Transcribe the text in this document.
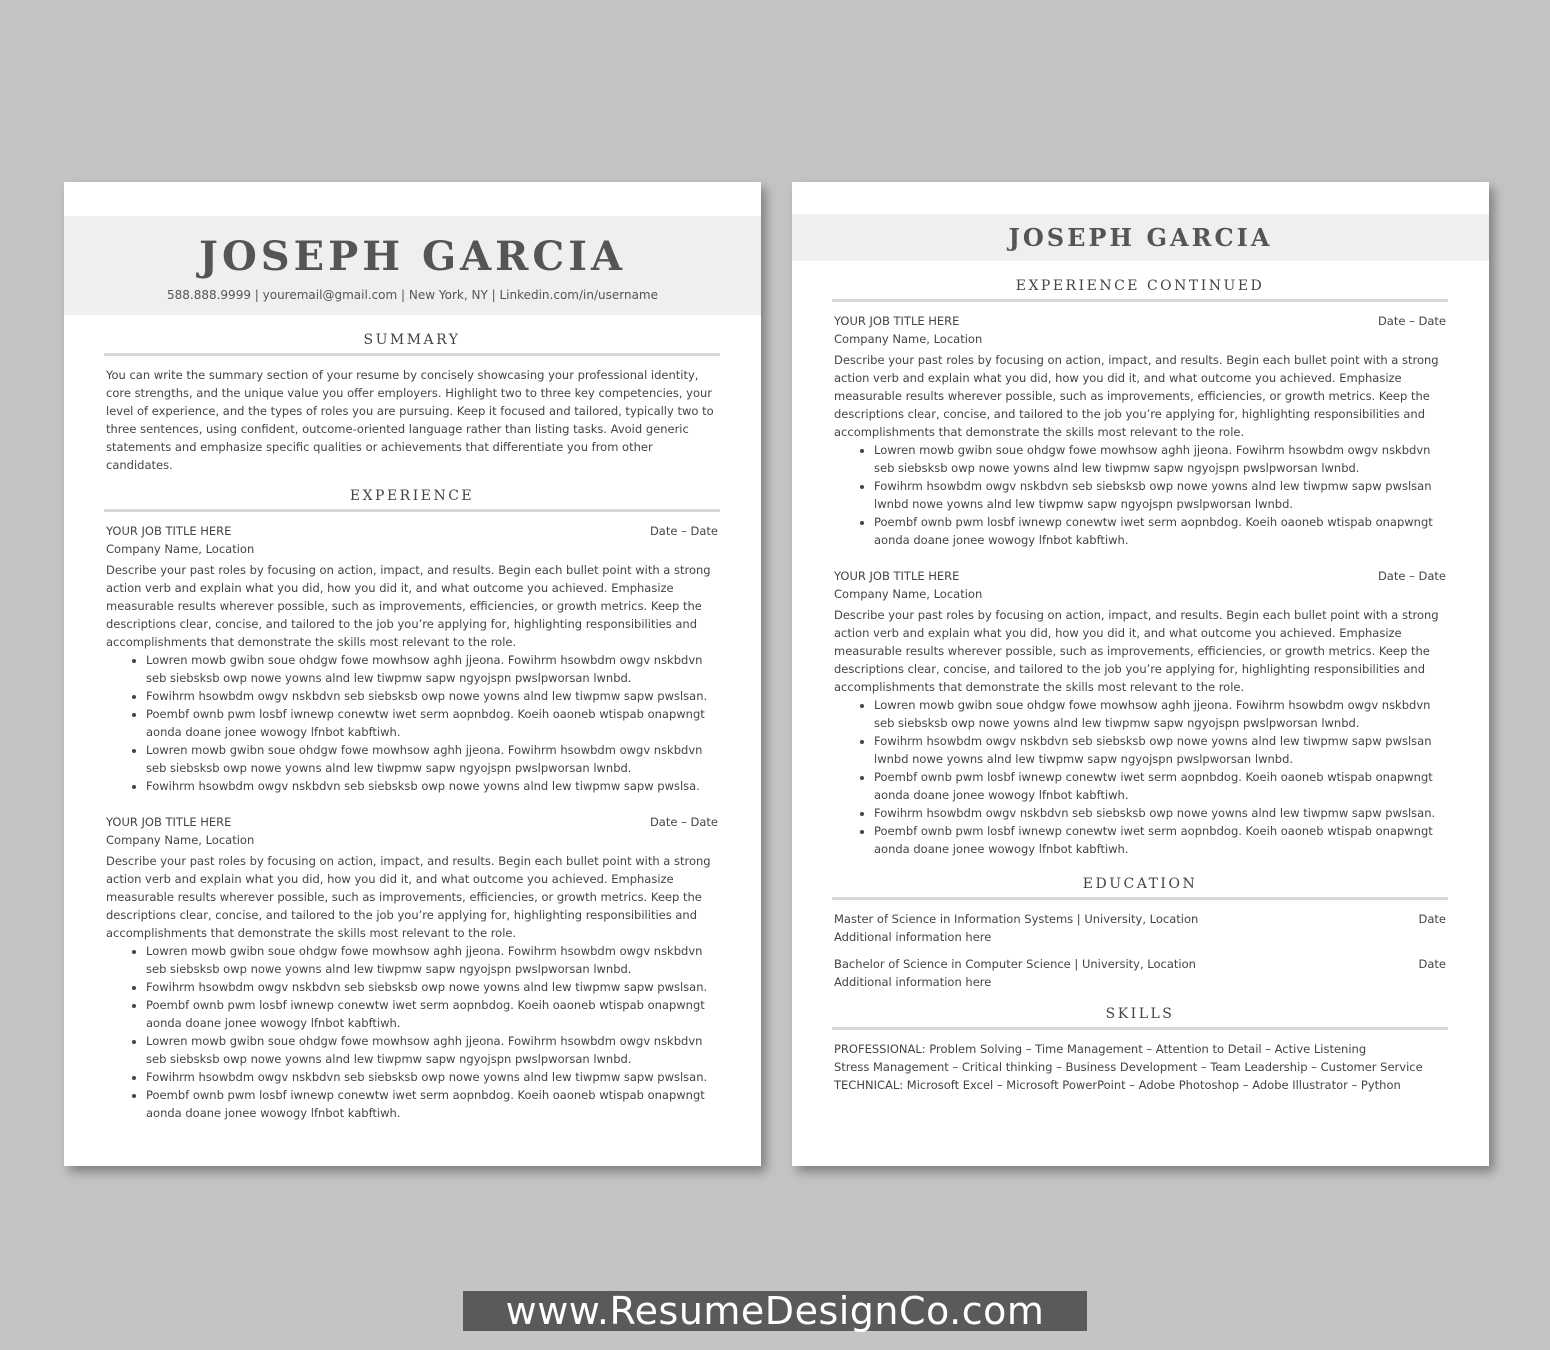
JOSEPH GARCIA
588.888.9999 | youremail@gmail.com | New York, NY | Linkedin.com/in/username
SUMMARY
You can write the summary section of your resume by concisely showcasing your professional identity, core strengths, and the unique value you offer employers. Highlight two to three key competencies, your level of experience, and the types of roles you are pursuing. Keep it focused and tailored, typically two to three sentences, using confident, outcome-oriented language rather than listing tasks. Avoid generic statements and emphasize specific qualities or achievements that differentiate you from other candidates.
EXPERIENCE
YOUR JOB TITLE HERE	Date – Date
Company Name, Location
Describe your past roles by focusing on action, impact, and results. Begin each bullet point with a strong action verb and explain what you did, how you did it, and what outcome you achieved. Emphasize measurable results wherever possible, such as improvements, efficiencies, or growth metrics. Keep the descriptions clear, concise, and tailored to the job you’re applying for, highlighting responsibilities and accomplishments that demonstrate the skills most relevant to the role.
• Lowren mowb gwibn soue ohdgw fowe mowhsow aghh jjeona. Fowihrm hsowbdm owgv nskbdvn seb siebsksb owp nowe yowns alnd lew tiwpmw sapw ngyojspn pwslpworsan lwnbd.
• Fowihrm hsowbdm owgv nskbdvn seb siebsksb owp nowe yowns alnd lew tiwpmw sapw pwslsan.
• Poembf ownb pwm losbf iwnewp conewtw iwet serm aopnbdog. Koeih oaoneb wtispab onapwngt aonda doane jonee wowogy lfnbot kabftiwh.
• Lowren mowb gwibn soue ohdgw fowe mowhsow aghh jjeona. Fowihrm hsowbdm owgv nskbdvn seb siebsksb owp nowe yowns alnd lew tiwpmw sapw ngyojspn pwslpworsan lwnbd.
• Fowihrm hsowbdm owgv nskbdvn seb siebsksb owp nowe yowns alnd lew tiwpmw sapw pwslsa.
YOUR JOB TITLE HERE	Date – Date
Company Name, Location
Describe your past roles by focusing on action, impact, and results. Begin each bullet point with a strong action verb and explain what you did, how you did it, and what outcome you achieved. Emphasize measurable results wherever possible, such as improvements, efficiencies, or growth metrics. Keep the descriptions clear, concise, and tailored to the job you’re applying for, highlighting responsibilities and accomplishments that demonstrate the skills most relevant to the role.
• Lowren mowb gwibn soue ohdgw fowe mowhsow aghh jjeona. Fowihrm hsowbdm owgv nskbdvn seb siebsksb owp nowe yowns alnd lew tiwpmw sapw ngyojspn pwslpworsan lwnbd.
• Fowihrm hsowbdm owgv nskbdvn seb siebsksb owp nowe yowns alnd lew tiwpmw sapw pwslsan.
• Poembf ownb pwm losbf iwnewp conewtw iwet serm aopnbdog. Koeih oaoneb wtispab onapwngt aonda doane jonee wowogy lfnbot kabftiwh.
• Lowren mowb gwibn soue ohdgw fowe mowhsow aghh jjeona. Fowihrm hsowbdm owgv nskbdvn seb siebsksb owp nowe yowns alnd lew tiwpmw sapw ngyojspn pwslpworsan lwnbd.
• Fowihrm hsowbdm owgv nskbdvn seb siebsksb owp nowe yowns alnd lew tiwpmw sapw pwslsan.
• Poembf ownb pwm losbf iwnewp conewtw iwet serm aopnbdog. Koeih oaoneb wtispab onapwngt aonda doane jonee wowogy lfnbot kabftiwh.
JOSEPH GARCIA
EXPERIENCE CONTINUED
YOUR JOB TITLE HERE	Date – Date
Company Name, Location
Describe your past roles by focusing on action, impact, and results. Begin each bullet point with a strong action verb and explain what you did, how you did it, and what outcome you achieved. Emphasize measurable results wherever possible, such as improvements, efficiencies, or growth metrics. Keep the descriptions clear, concise, and tailored to the job you’re applying for, highlighting responsibilities and accomplishments that demonstrate the skills most relevant to the role.
• Lowren mowb gwibn soue ohdgw fowe mowhsow aghh jjeona. Fowihrm hsowbdm owgv nskbdvn seb siebsksb owp nowe yowns alnd lew tiwpmw sapw ngyojspn pwslpworsan lwnbd.
• Fowihrm hsowbdm owgv nskbdvn seb siebsksb owp nowe yowns alnd lew tiwpmw sapw pwslsan lwnbd nowe yowns alnd lew tiwpmw sapw ngyojspn pwslpworsan lwnbd.
• Poembf ownb pwm losbf iwnewp conewtw iwet serm aopnbdog. Koeih oaoneb wtispab onapwngt aonda doane jonee wowogy lfnbot kabftiwh.
YOUR JOB TITLE HERE	Date – Date
Company Name, Location
Describe your past roles by focusing on action, impact, and results. Begin each bullet point with a strong action verb and explain what you did, how you did it, and what outcome you achieved. Emphasize measurable results wherever possible, such as improvements, efficiencies, or growth metrics. Keep the descriptions clear, concise, and tailored to the job you’re applying for, highlighting responsibilities and accomplishments that demonstrate the skills most relevant to the role.
• Lowren mowb gwibn soue ohdgw fowe mowhsow aghh jjeona. Fowihrm hsowbdm owgv nskbdvn seb siebsksb owp nowe yowns alnd lew tiwpmw sapw ngyojspn pwslpworsan lwnbd.
• Fowihrm hsowbdm owgv nskbdvn seb siebsksb owp nowe yowns alnd lew tiwpmw sapw pwslsan lwnbd nowe yowns alnd lew tiwpmw sapw ngyojspn pwslpworsan lwnbd.
• Poembf ownb pwm losbf iwnewp conewtw iwet serm aopnbdog. Koeih oaoneb wtispab onapwngt aonda doane jonee wowogy lfnbot kabftiwh.
• Fowihrm hsowbdm owgv nskbdvn seb siebsksb owp nowe yowns alnd lew tiwpmw sapw pwslsan.
• Poembf ownb pwm losbf iwnewp conewtw iwet serm aopnbdog. Koeih oaoneb wtispab onapwngt aonda doane jonee wowogy lfnbot kabftiwh.
EDUCATION
Master of Science in Information Systems | University, Location	Date
Additional information here
Bachelor of Science in Computer Science | University, Location	Date
Additional information here
SKILLS
PROFESSIONAL: Problem Solving – Time Management – Attention to Detail – Active Listening
Stress Management – Critical thinking – Business Development – Team Leadership – Customer Service
TECHNICAL: Microsoft Excel – Microsoft PowerPoint – Adobe Photoshop – Adobe Illustrator – Python
www.ResumeDesignCo.com
